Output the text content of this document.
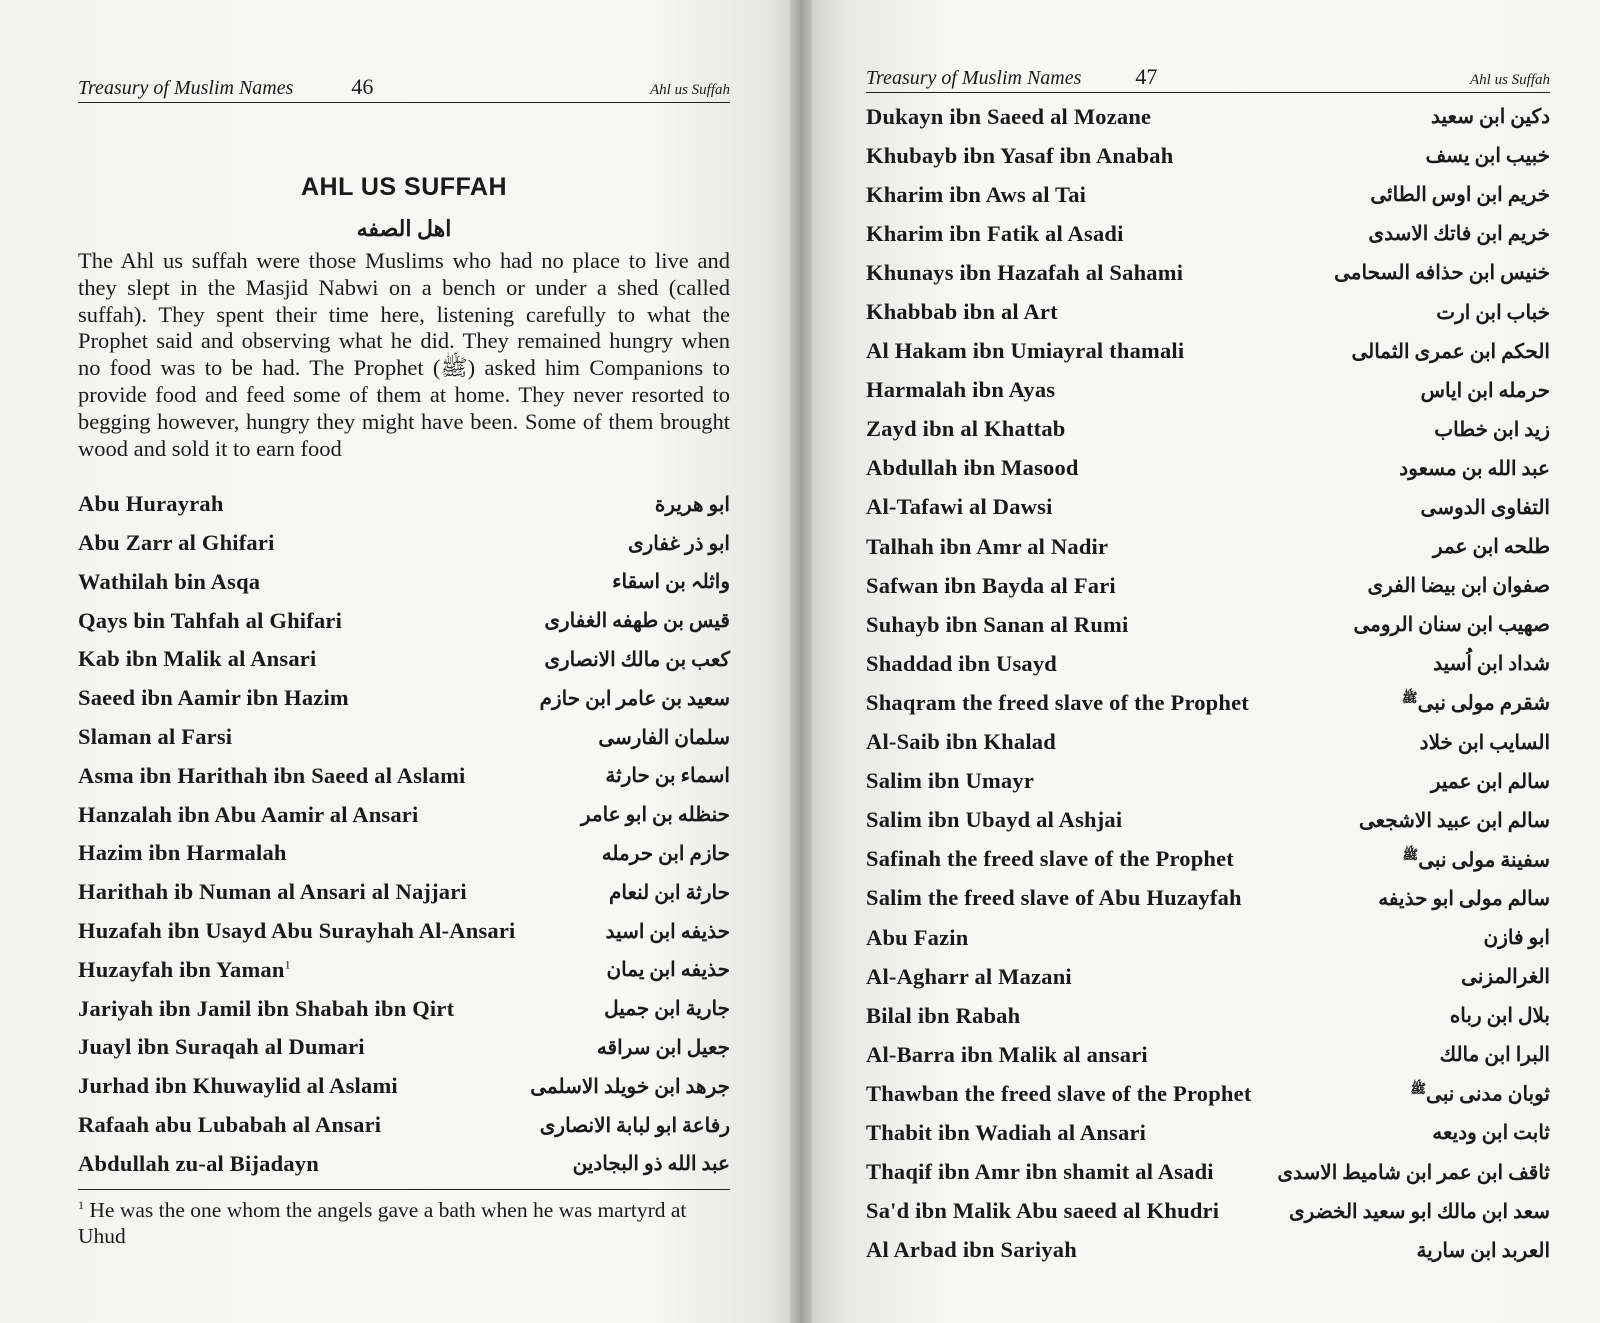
Treasury of Muslim Names	46	Ahl us Suffah
AHL US SUFFAH
اهل الصفه

The Ahl us suffah were those Muslims who had no place to live and they slept in the Masjid Nabwi on a bench or under a shed (called suffah). They spent their time here, listening carefully to what the Prophet said and observing what he did. They remained hungry when no food was to be had. The Prophet (ﷺ) asked him Companions to provide food and feed some of them at home. They never resorted to begging however, hungry they might have been. Some of them brought wood and sold it to earn food

Abu Hurayrah	ابو هريرة
Abu Zarr al Ghifari	ابو ذر غفاری
Wathilah bin Asqa	واثلہ بن اسقاء
Qays bin Tahfah al Ghifari	قیس بن طهفه الغفاری
Kab ibn Malik al Ansari	کعب بن مالك الانصاری
Saeed ibn Aamir ibn Hazim	سعید بن عامر ابن حازم
Slaman al Farsi	سلمان الفارسی
Asma ibn Harithah ibn Saeed al Aslami	اسماء بن حارثة
Hanzalah ibn Abu Aamir al Ansari	حنظله بن ابو عامر
Hazim ibn Harmalah	حازم ابن حرمله
Harithah ib Numan al Ansari al Najjari	حارثة ابن لنعام
Huzafah ibn Usayd Abu Surayhah Al-Ansari	حذیفه ابن اسید
Huzayfah ibn Yaman$^1$	حذیفه ابن یمان
Jariyah ibn Jamil ibn Shabah ibn Qirt	جارية ابن جميل
Juayl ibn Suraqah al Dumari	جعیل ابن سراقه
Jurhad ibn Khuwaylid al Aslami	جرهد ابن خویلد الاسلمی
Rafaah abu Lubabah al Ansari	رفاعة ابو لبابة الانصاری
Abdullah zu-al Bijadayn	عبد الله ذو البجادين
$^1$ He was the one whom the angels gave a bath when he was martyrd at Uhud
Treasury of Muslim Names 47	Ahl us Suffah
Dukayn ibn Saeed al Mozane	دکین ابن سعید
Khubayb ibn Yasaf ibn Anabah	خبیب ابن یسف
Kharim ibn Aws al Tai	خریم ابن اوس الطائی
Kharim ibn Fatik al Asadi	خریم ابن فاتك الاسدی
Khunays ibn Hazafah al Sahami	خنیس ابن حذافه السحامی
Khabbab ibn al Art	خباب ابن ارت
Al Hakam ibn Umiayral thamali	الحكم ابن عمری الثمالی
Harmalah ibn Ayas	حرمله ابن ایاس
Zayd ibn al Khattab	زید ابن خطاب
Abdullah ibn Masood	عبد الله بن مسعود
Al-Tafawi al Dawsi	التفاوی الدوسی
Talhah ibn Amr al Nadir	طلحه ابن عمر
Safwan ibn Bayda al Fari	صفوان ابن بيضا الفرى
Suhayb ibn Sanan al Rumi	صهیب ابن سنان الرومی
Shaddad ibn Usayd	شداد ابن اُسید
Shaqram the freed slave of the Prophet	شقرم مولی نبی$^ﷺ$
Al-Saib ibn Khalad	السایب ابن خلاد
Salim ibn Umayr	سالم ابن عمیر
Salim ibn Ubayd al Ashjai	سالم ابن عبید الاشجعی
Safinah the freed slave of the Prophet	سفینة مولی نبی$^ﷺ$
Salim the freed slave of Abu Huzayfah	سالم مولی ابو حذیفه
Abu Fazin	ابو فازن
Al-Agharr al Mazani	الغرالمزنی
Bilal ibn Rabah	بلال ابن رباه
Al-Barra ibn Malik al ansari	البرا ابن مالك
Thawban the freed slave of the Prophet	ثوبان مدنی نبی$^ﷺ$
Thabit ibn Wadiah al Ansari	ثابت ابن ودیعه
Thaqif ibn Amr ibn shamit al Asadi	ثاقف ابن عمر ابن شامیط الاسدی
Sa'd ibn Malik Abu saeed al Khudri	سعد ابن مالك ابو سعید الخضری
Al Arbad ibn Sariyah	العربد ابن سارية
